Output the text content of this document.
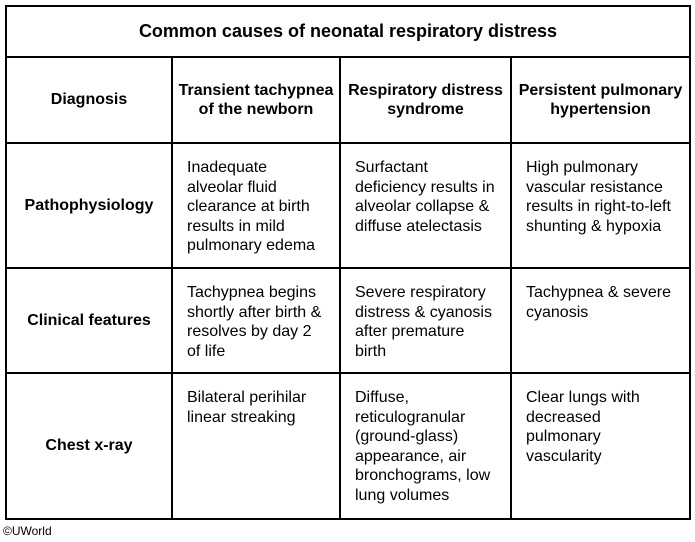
Common causes of neonatal respiratory distress			
Diagnosis	Transient tachypnea of the newborn	Respiratory distress syndrome	Persistent pulmonary hypertension
Pathophysiology	Inadequate alveolar fluid clearance at birth results in mild pulmonary edema	Surfactant deficiency results in alveolar collapse & diffuse atelectasis	High pulmonary vascular resistance results in right-to-left shunting & hypoxia
Clinical features	Tachypnea begins shortly after birth & resolves by day 2 of life	Severe respiratory distress & cyanosis after premature birth	Tachypnea & severe cyanosis
Chest x-ray	Bilateral perihilar linear streaking	Diffuse, reticulogranular (ground-glass) appearance, air bronchograms, low lung volumes	Clear lungs with decreased pulmonary vascularity
©UWorld
